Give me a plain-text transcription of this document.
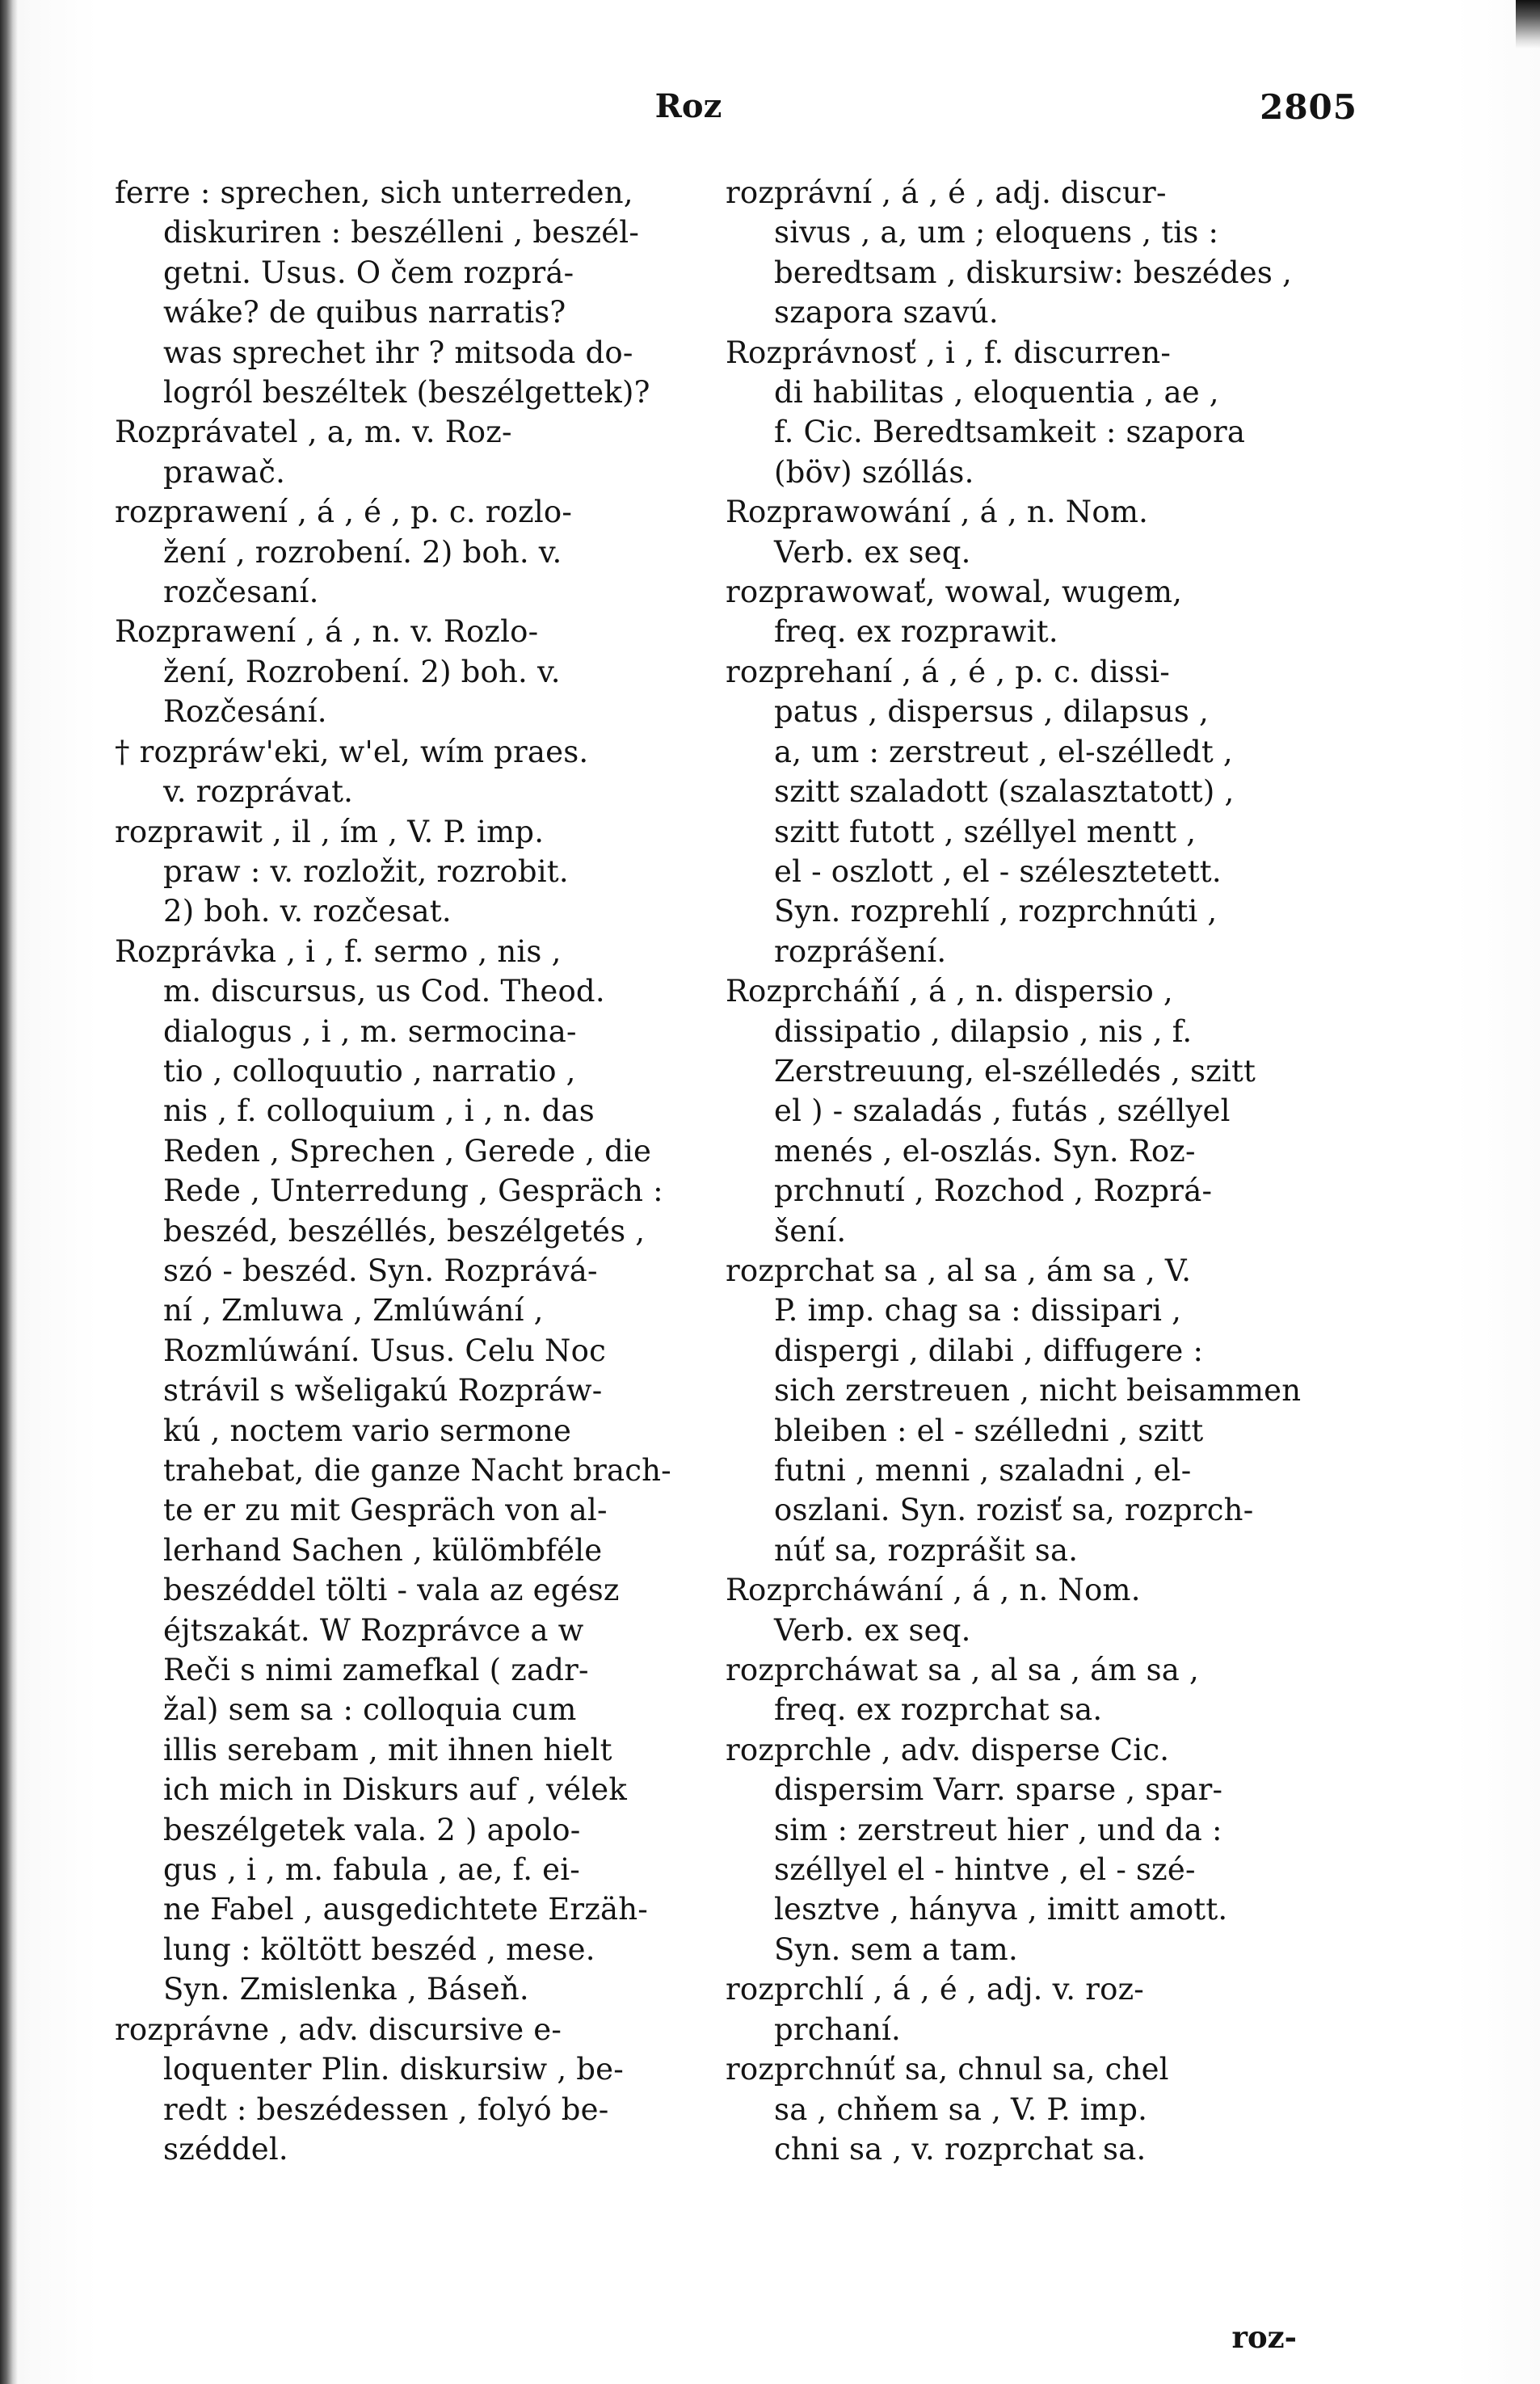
Roz	2805
ferre : sprechen, sich unterreden,
diskuriren : beszélleni , beszél-
getni. Usus. O čem rozprá-
wáke? de quibus narratis?
was sprechet ihr ? mitsoda do-
logról beszéltek (beszélgettek)?
Rozprávatel , a, m. v. Roz-
prawač.
rozprawení , á , é , p. c. rozlo-
žení , rozrobení. 2) boh. v.
rozčesaní.
Rozprawení , á , n. v. Rozlo-
žení, Rozrobení. 2) boh. v.
Rozčesání.
† rozpráw'eki, w'el, wím praes.
v. rozprávat.
rozprawit , il , ím , V. P. imp.
praw : v. rozložit, rozrobit.
2) boh. v. rozčesat.
Rozprávka , i , f. sermo , nis ,
m. discursus, us Cod. Theod.
dialogus , i , m. sermocina-
tio , colloquutio , narratio ,
nis , f. colloquium , i , n. das
Reden , Sprechen , Gerede , die
Rede , Unterredung , Gespräch :
beszéd, beszéllés, beszélgetés ,
szó - beszéd. Syn. Rozprává-
ní , Zmluwa , Zmlúwání ,
Rozmlúwání. Usus. Celu Noc
strávil s wšeligakú Rozpráw-
kú , noctem vario sermone
trahebat, die ganze Nacht brach-
te er zu mit Gespräch von al-
lerhand Sachen , külömbféle
beszéddel tölti - vala az egész
éjtszakát. W Rozprávce a w
Reči s nimi zamefkal ( zadr-
žal) sem sa : colloquia cum
illis serebam , mit ihnen hielt
ich mich in Diskurs auf , vélek
beszélgetek vala. 2 ) apolo-
gus , i , m. fabula , ae, f. ei-
ne Fabel , ausgedichtete Erzäh-
lung : költött beszéd , mese.
Syn. Zmislenka , Báseň.
rozprávne , adv. discursive e-
loquenter Plin. diskursiw , be-
redt : beszédessen , folyó be-
széddel.
rozprávní , á , é , adj. discur-
sivus , a, um ; eloquens , tis :
beredtsam , diskursiw: beszédes ,
szapora szavú.
Rozprávnosť , i , f. discurren-
di habilitas , eloquentia , ae ,
f. Cic. Beredtsamkeit : szapora
(böv) szóllás.
Rozprawowání , á , n. Nom.
Verb. ex seq.
rozprawowať, wowal, wugem,
freq. ex rozprawit.
rozprehaní , á , é , p. c. dissi-
patus , dispersus , dilapsus ,
a, um : zerstreut , el-szélledt ,
szitt szaladott (szalasztatott) ,
szitt futott , széllyel mentt ,
el - oszlott , el - szélesztetett.
Syn. rozprehlí , rozprchnúti ,
rozprášení.
Rozprcháňí , á , n. dispersio ,
dissipatio , dilapsio , nis , f.
Zerstreuung, el-szélledés , szitt
el ) - szaladás , futás , széllyel
menés , el-oszlás. Syn. Roz-
prchnutí , Rozchod , Rozprá-
šení.
rozprchat sa , al sa , ám sa , V.
P. imp. chag sa : dissipari ,
dispergi , dilabi , diffugere :
sich zerstreuen , nicht beisammen
bleiben : el - szélledni , szitt
futni , menni , szaladni , el-
oszlani. Syn. rozisť sa, rozprch-
núť sa, rozprášit sa.
Rozprcháwání , á , n. Nom.
Verb. ex seq.
rozprcháwat sa , al sa , ám sa ,
freq. ex rozprchat sa.
rozprchle , adv. disperse Cic.
dispersim Varr. sparse , spar-
sim : zerstreut hier , und da :
széllyel el - hintve , el - szé-
lesztve , hányva , imitt amott.
Syn. sem a tam.
rozprchlí , á , é , adj. v. roz-
prchaní.
rozprchnúť sa, chnul sa, chel
sa , chňem sa , V. P. imp.
chni sa , v. rozprchat sa.
roz-
